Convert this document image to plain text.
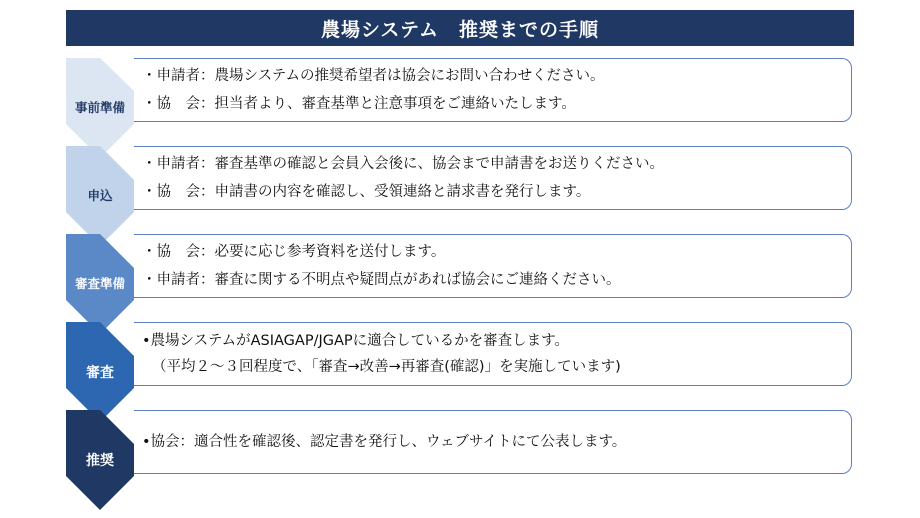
農場システム　推奨までの手順
事前準備
申込
審査準備
審査
推奨
・申請者：農場システムの推奨希望者は協会にお問い合わせください。
・協　会：担当者より、審査基準と注意事項をご連絡いたします。
・申請者：審査基準の確認と会員入会後に、協会まで申請書をお送りください。
・協　会：申請書の内容を確認し、受領連絡と請求書を発行します。
・協　会：必要に応じ参考資料を送付します。
・申請者：審査に関する不明点や疑問点があれば協会にご連絡ください。
•農場システムがASIAGAP/JGAPに適合しているかを審査します。
（平均２～３回程度で、「審査→改善→再審査(確認)」を実施しています)
•協会：適合性を確認後、認定書を発行し、ウェブサイトにて公表します。
